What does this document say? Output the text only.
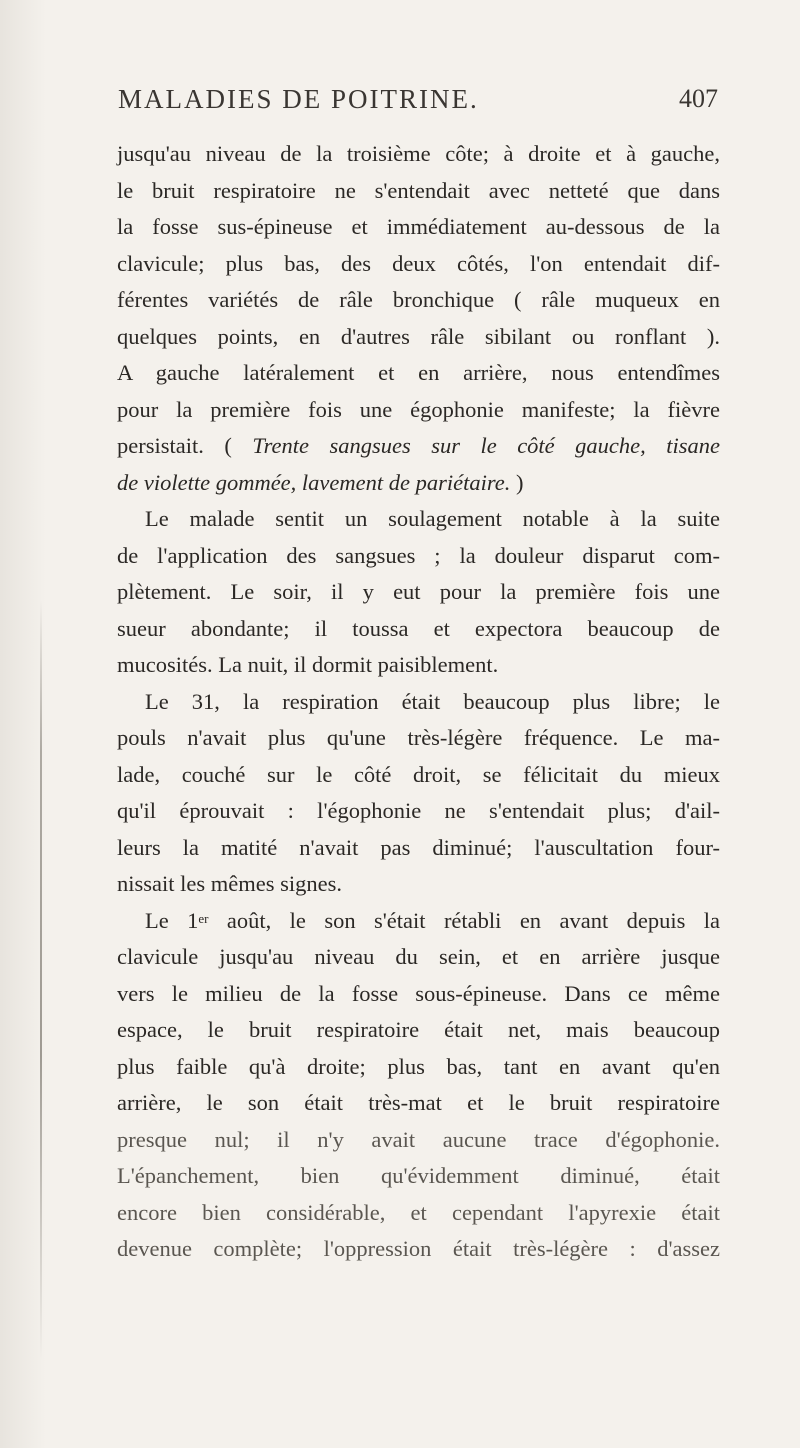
MALADIES DE POITRINE.	407
jusqu'au niveau de la troisième côte; à droite et à gauche,
le bruit respiratoire ne s'entendait avec netteté que dans
la fosse sus-épineuse et immédiatement au-dessous de la
clavicule; plus bas, des deux côtés, l'on entendait dif-
férentes variétés de râle bronchique ( râle muqueux en
quelques points, en d'autres râle sibilant ou ronflant ).
A gauche latéralement et en arrière, nous entendîmes
pour la première fois une égophonie manifeste; la fièvre
persistait. ( Trente sangsues sur le côté gauche, tisane
de violette gommée, lavement de pariétaire. )
Le malade sentit un soulagement notable à la suite
de l'application des sangsues ; la douleur disparut com-
plètement. Le soir, il y eut pour la première fois une
sueur abondante; il toussa et expectora beaucoup de
mucosités. La nuit, il dormit paisiblement.
Le 31, la respiration était beaucoup plus libre; le
pouls n'avait plus qu'une très-légère fréquence. Le ma-
lade, couché sur le côté droit, se félicitait du mieux
qu'il éprouvait : l'égophonie ne s'entendait plus; d'ail-
leurs la matité n'avait pas diminué; l'auscultation four-
nissait les mêmes signes.
Le 1er août, le son s'était rétabli en avant depuis la
clavicule jusqu'au niveau du sein, et en arrière jusque
vers le milieu de la fosse sous-épineuse. Dans ce même
espace, le bruit respiratoire était net, mais beaucoup
plus faible qu'à droite; plus bas, tant en avant qu'en
arrière, le son était très-mat et le bruit respiratoire
presque nul; il n'y avait aucune trace d'égophonie.
L'épanchement, bien qu'évidemment diminué, était
encore bien considérable, et cependant l'apyrexie était
devenue complète; l'oppression était très-légère : d'assez
